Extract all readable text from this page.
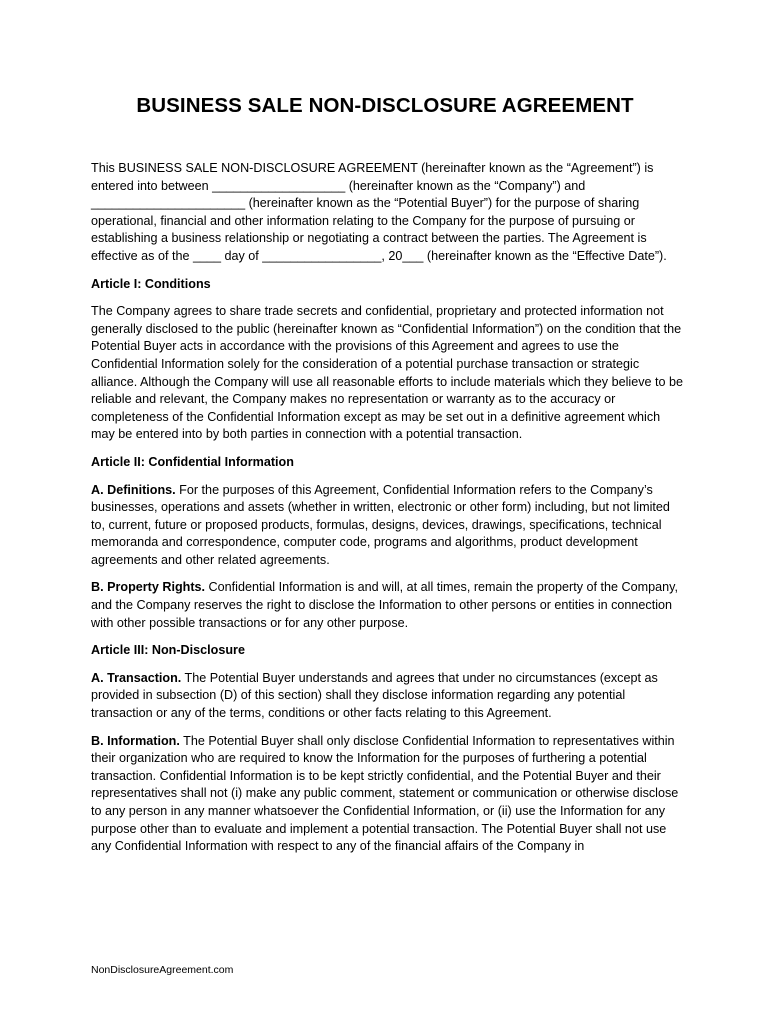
BUSINESS SALE NON-DISCLOSURE AGREEMENT

This BUSINESS SALE NON-DISCLOSURE AGREEMENT (hereinafter known as the “Agreement”) is entered into between ___________________ (hereinafter known as the “Company”) and ______________________ (hereinafter known as the “Potential Buyer”) for the purpose of sharing operational, financial and other information relating to the Company for the purpose of pursuing or establishing a business relationship or negotiating a contract between the parties. The Agreement is effective as of the ____ day of _________________, 20___ (hereinafter known as the “Effective Date”).

Article I: Conditions

The Company agrees to share trade secrets and confidential, proprietary and protected information not generally disclosed to the public (hereinafter known as “Confidential Information”) on the condition that the Potential Buyer acts in accordance with the provisions of this Agreement and agrees to use the Confidential Information solely for the consideration of a potential purchase transaction or strategic alliance. Although the Company will use all reasonable efforts to include materials which they believe to be reliable and relevant, the Company makes no representation or warranty as to the accuracy or completeness of the Confidential Information except as may be set out in a definitive agreement which may be entered into by both parties in connection with a potential transaction.

Article II: Confidential Information

A. Definitions. For the purposes of this Agreement, Confidential Information refers to the Company’s businesses, operations and assets (whether in written, electronic or other form) including, but not limited to, current, future or proposed products, formulas, designs, devices, drawings, specifications, technical memoranda and correspondence, computer code, programs and algorithms, product development agreements and other related agreements.

B. Property Rights. Confidential Information is and will, at all times, remain the property of the Company, and the Company reserves the right to disclose the Information to other persons or entities in connection with other possible transactions or for any other purpose.

Article III: Non-Disclosure

A. Transaction. The Potential Buyer understands and agrees that under no circumstances (except as provided in subsection (D) of this section) shall they disclose information regarding any potential transaction or any of the terms, conditions or other facts relating to this Agreement.

B. Information. The Potential Buyer shall only disclose Confidential Information to representatives within their organization who are required to know the Information for the purposes of furthering a potential transaction. Confidential Information is to be kept strictly confidential, and the Potential Buyer and their representatives shall not (i) make any public comment, statement or communication or otherwise disclose to any person in any manner whatsoever the Confidential Information, or (ii) use the Information for any purpose other than to evaluate and implement a potential transaction. The Potential Buyer shall not use any Confidential Information with respect to any of the financial affairs of the Company in

NonDisclosureAgreement.com
